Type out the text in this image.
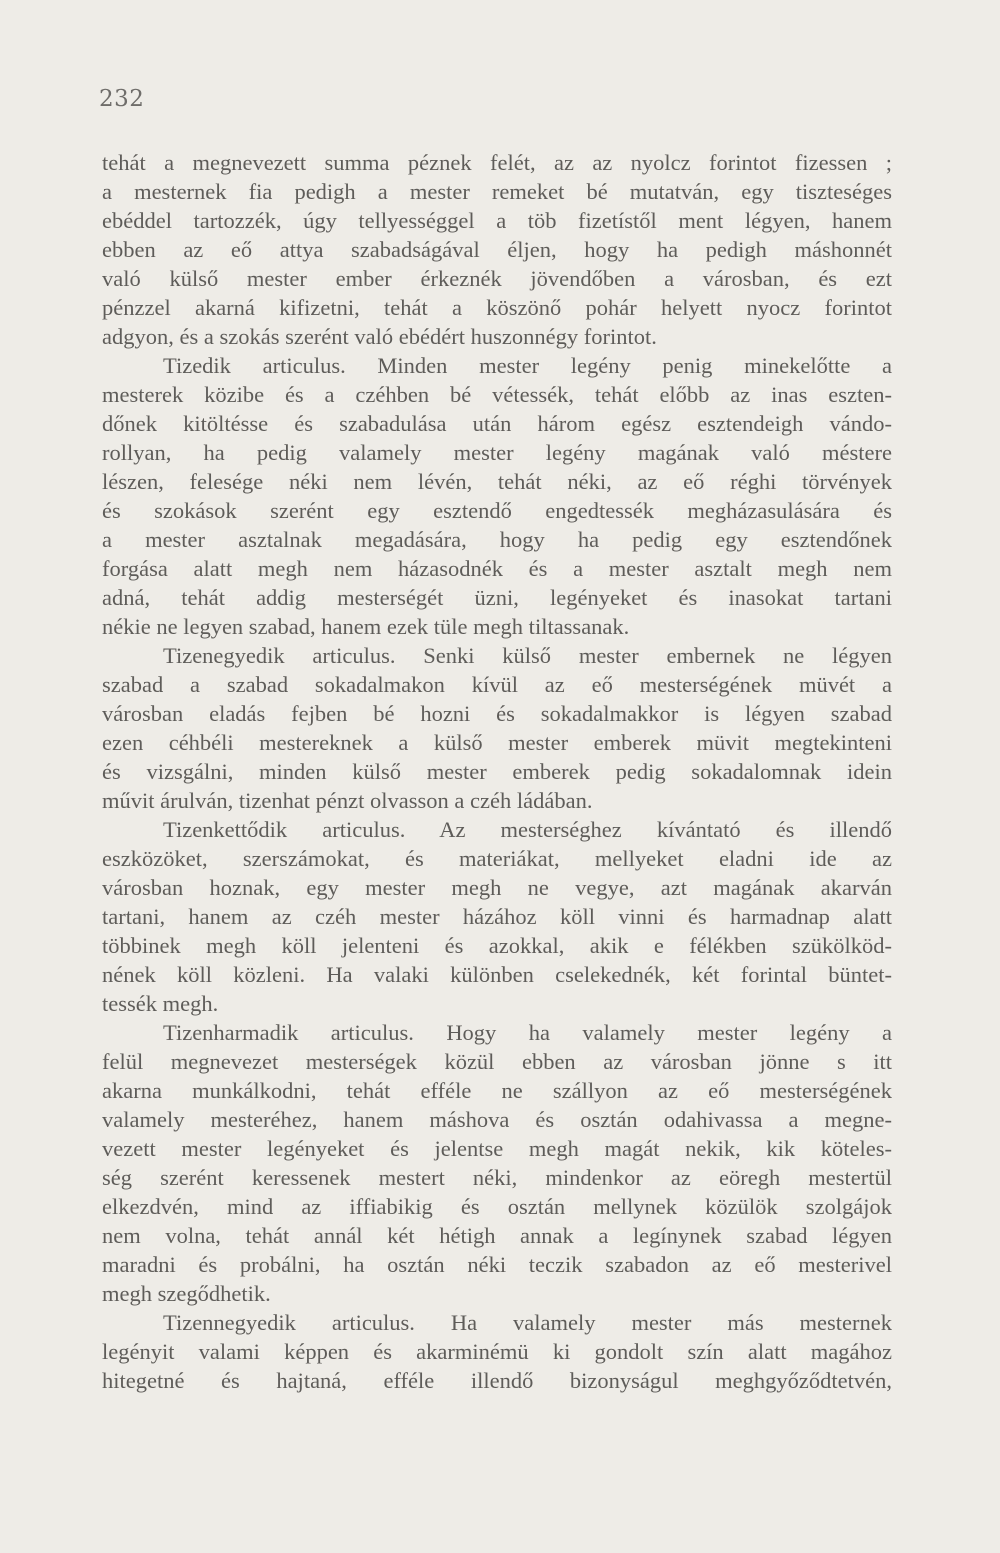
232
tehát a megnevezett summa péznek felét, az az nyolcz forintot fizessen ;
a mesternek fia pedigh a mester remeket bé mutatván, egy tiszteséges
ebéddel tartozzék, úgy tellyességgel a töb fizetístől ment légyen, hanem
ebben az eő attya szabadságával éljen, hogy ha pedigh máshonnét
való külső mester ember érkeznék jövendőben a városban, és ezt
pénzzel akarná kifizetni, tehát a köszönő pohár helyett nyocz forintot
adgyon, és a szokás szerént való ebédért huszonnégy forintot.
Tizedik articulus. Minden mester legény penig minekelőtte a
mesterek közibe és a czéhben bé vétessék, tehát előbb az inas eszten-
dőnek kitöltésse és szabadulása után három egész esztendeigh vándo-
rollyan, ha pedig valamely mester legény magának való méstere
lészen, felesége néki nem lévén, tehát néki, az eő réghi törvények
és szokások szerént egy esztendő engedtessék megházasulására és
a mester asztalnak megadására, hogy ha pedig egy esztendőnek
forgása alatt megh nem házasodnék és a mester asztalt megh nem
adná, tehát addig mesterségét üzni, legényeket és inasokat tartani
nékie ne legyen szabad, hanem ezek tüle megh tiltassanak.
Tizenegyedik articulus. Senki külső mester embernek ne légyen
szabad a szabad sokadalmakon kívül az eő mesterségének müvét a
városban eladás fejben bé hozni és sokadalmakkor is légyen szabad
ezen céhbéli mestereknek a külső mester emberek müvit megtekinteni
és vizsgálni, minden külső mester emberek pedig sokadalomnak idein
művit árulván, tizenhat pénzt olvasson a czéh ládában.
Tizenkettődik articulus. Az mesterséghez kívántató és illendő
eszközöket, szerszámokat, és materiákat, mellyeket eladni ide az
városban hoznak, egy mester megh ne vegye, azt magának akarván
tartani, hanem az czéh mester házához köll vinni és harmadnap alatt
többinek megh köll jelenteni és azokkal, akik e félékben szükölköd-
nének köll közleni. Ha valaki különben cselekednék, két forintal büntet-
tessék megh.
Tizenharmadik articulus. Hogy ha valamely mester legény a
felül megnevezet mesterségek közül ebben az városban jönne s itt
akarna munkálkodni, tehát efféle ne szállyon az eő mesterségének
valamely mesteréhez, hanem máshova és osztán odahivassa a megne-
vezett mester legényeket és jelentse megh magát nekik, kik köteles-
ség szerént keressenek mestert néki, mindenkor az eöregh mestertül
elkezdvén, mind az iffiabikig és osztán mellynek közülök szolgájok
nem volna, tehát annál két hétigh annak a legínynek szabad légyen
maradni és probálni, ha osztán néki teczik szabadon az eő mesterivel
megh szegődhetik.
Tizennegyedik articulus. Ha valamely mester más mesternek
legényit valami képpen és akarminémü ki gondolt szín alatt magához
hitegetné és hajtaná, efféle illendő bizonyságul meghgyőződtetvén,
